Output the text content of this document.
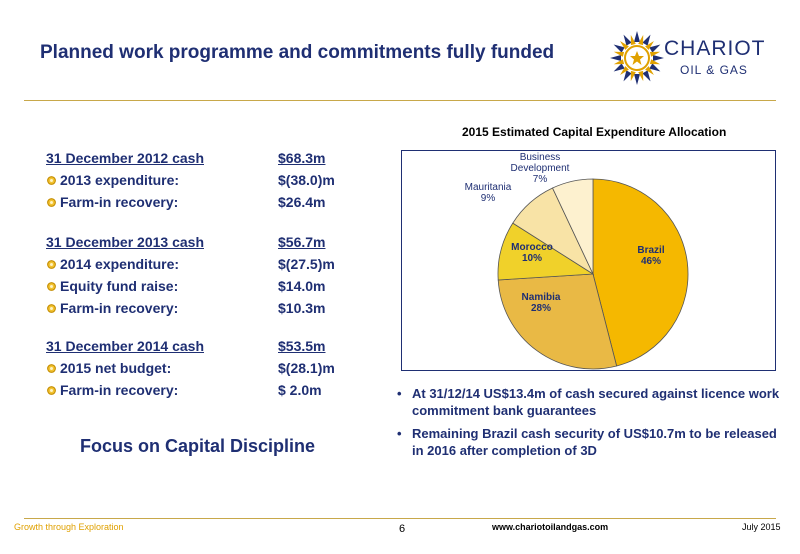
Planned work programme and commitments fully funded	CHARIOT
OIL & GAS
31 December 2012 cash	$68.3m
2013 expenditure:	$(38.0)m
Farm-in recovery:	$26.4m
31 December 2013 cash	$56.7m
2014 expenditure:	$(27.5)m
Equity fund raise:	$14.0m
Farm-in recovery:	$10.3m
31 December 2014 cash	$53.5m
2015 net budget:	$(28.1)m
Farm-in recovery:	$ 2.0m
Focus on Capital Discipline
2015 Estimated Capital Expenditure Allocation
Brazil
46%
Namibia
28%
Morocco
10%
Mauritania
9%
Business
Development
7%
• At 31/12/14 US$13.4m of cash secured against licence work commitment bank guarantees
• Remaining Brazil cash security of US$10.7m to be released in 2016 after completion of 3D
Growth through Exploration	6	www.chariotoilandgas.com	July 2015
